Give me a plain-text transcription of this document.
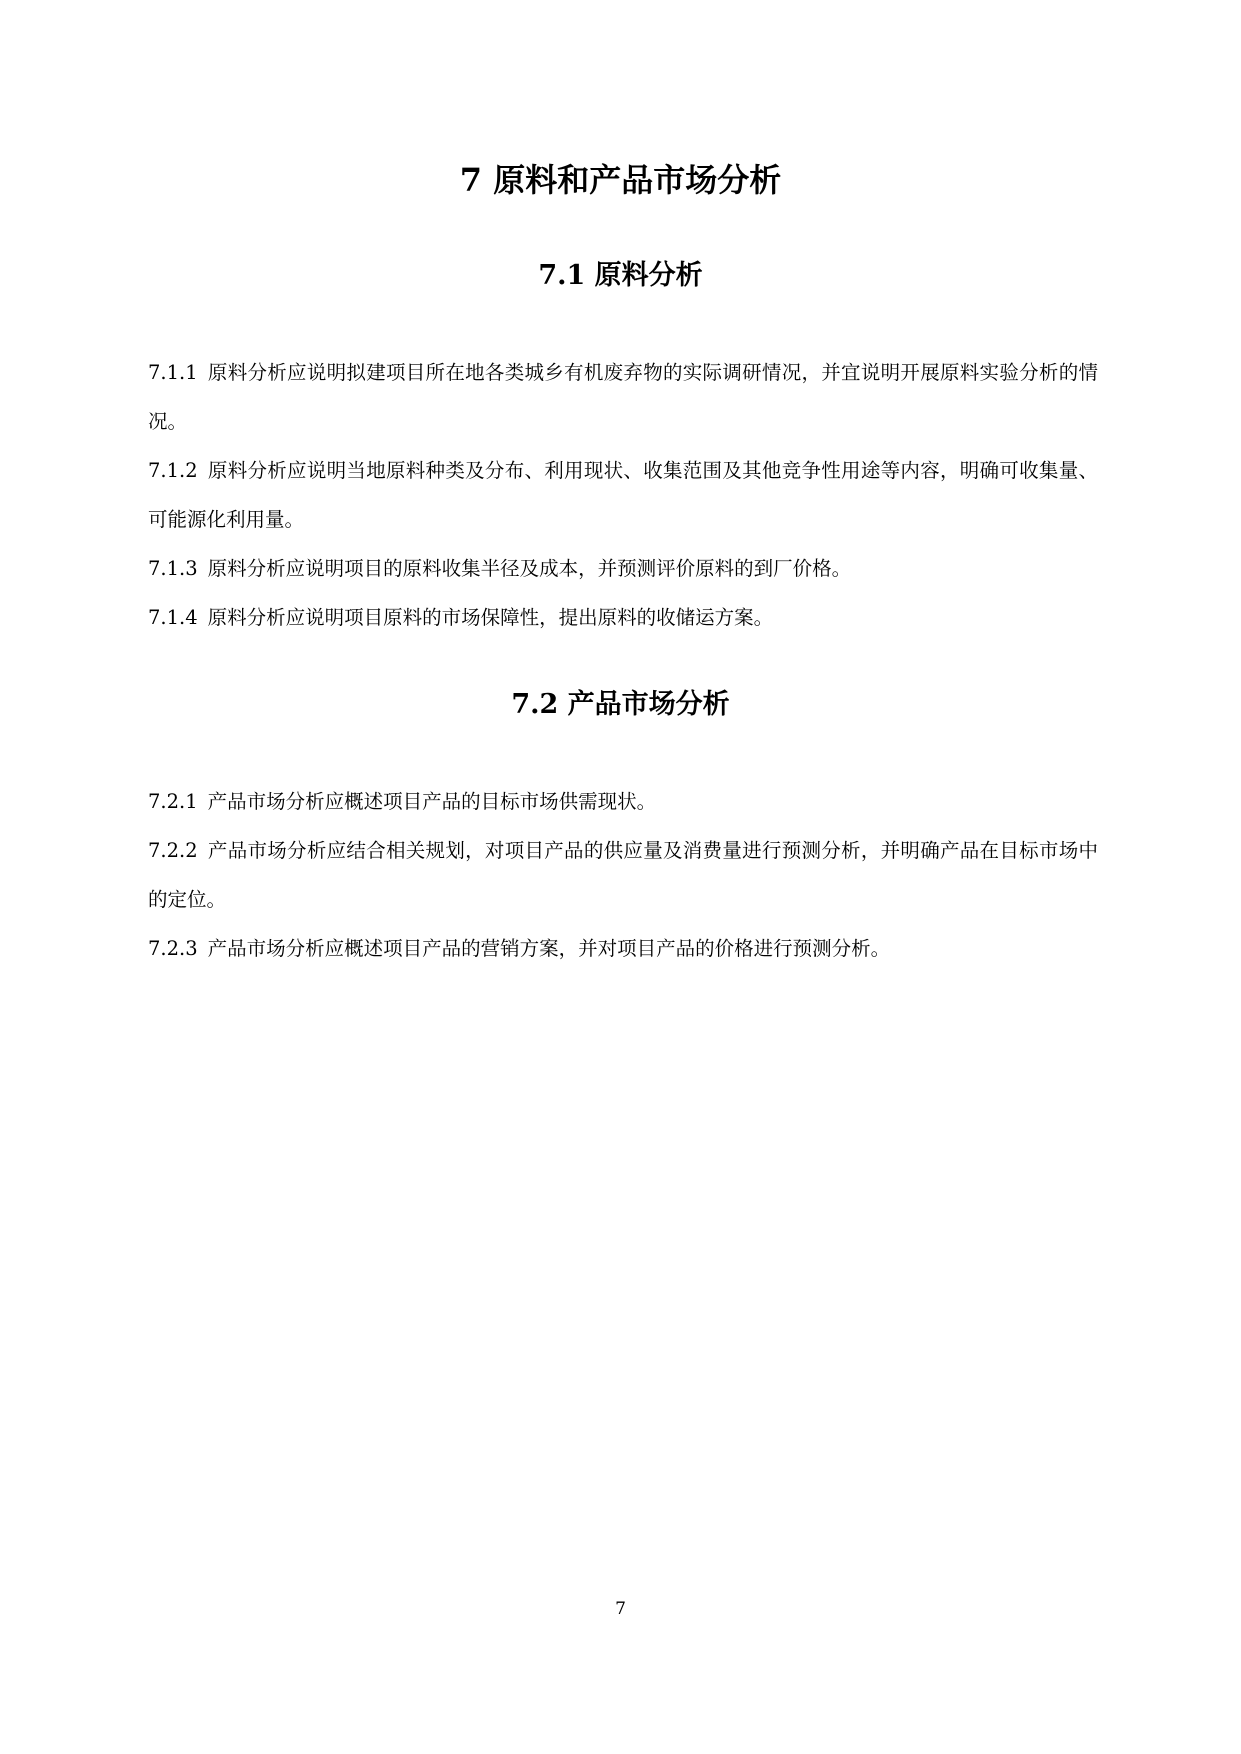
7 原料和产品市场分析
7.1 原料分析

7.1.1 原料分析应说明拟建项目所在地各类城乡有机废弃物的实际调研情况，并宜说明开展原料实验分析的情况。

7.1.2 原料分析应说明当地原料种类及分布、利用现状、收集范围及其他竞争性用途等内容，明确可收集量、可能源化利用量。

7.1.3 原料分析应说明项目的原料收集半径及成本，并预测评价原料的到厂价格。

7.1.4 原料分析应说明项目原料的市场保障性，提出原料的收储运方案。

7.2 产品市场分析

7.2.1 产品市场分析应概述项目产品的目标市场供需现状。

7.2.2 产品市场分析应结合相关规划，对项目产品的供应量及消费量进行预测分析，并明确产品在目标市场中的定位。

7.2.3 产品市场分析应概述项目产品的营销方案，并对项目产品的价格进行预测分析。

7
